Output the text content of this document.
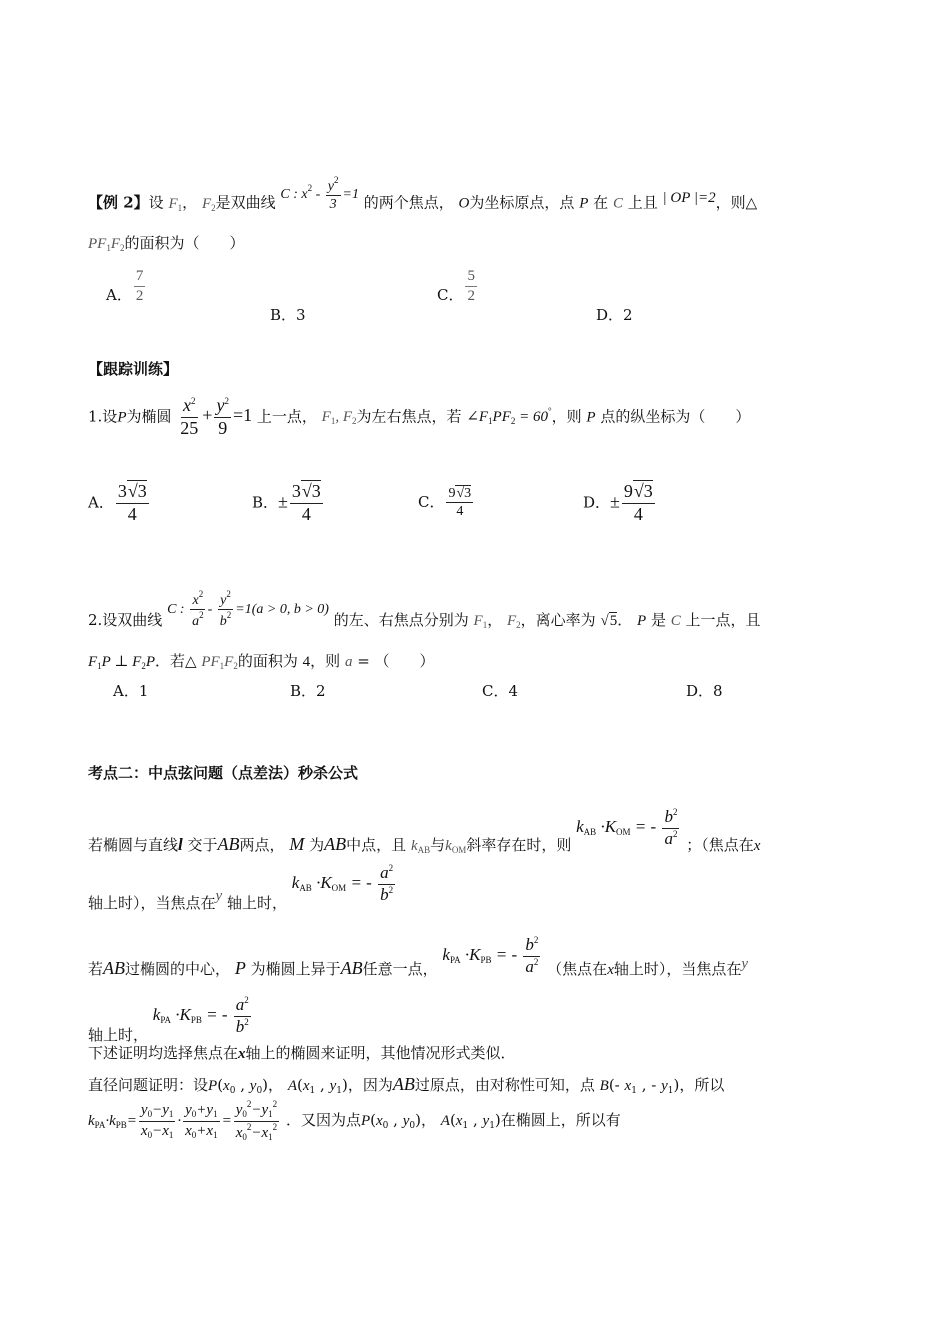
【例 2】设 $F_1$， $F_2$是双曲线 C : $x^2 - \frac{y^2}{3} =1$ 的两个焦点， O为坐标原点，点 P 在 C 上且 | OP |=2，则△
$PF_1F_2$的面积为（　　）
A． $\frac{7}{2}$
B．3
C． $\frac{5}{2}$
D．2
【跟踪训练】
1.设P为椭圆 $\frac{x^2}{25} + \frac{y^2}{9} =1$ 上一点， $F_1$, $F_2$为左右焦点，若 $\angle F_1PF_2 = 60^\circ$，则 P 点的纵坐标为（　　）
A． $\frac{3√3}{4}$	B．± $\frac{3√3}{4}$	C． $\frac{9√3}{4}$	D．± $\frac{9√3}{4}$
2.设双曲线 C : $\frac{x^2}{a^2} - \frac{y^2}{b^2} =1(a > 0$, b > 0) 的左、右焦点分别为 $F_1$， $F_2$，离心率为 √5． P 是 C 上一点，且
$F_1P$ ⊥ $F_2P$．若△ $PF_1F_2$的面积为 4，则 a = （　　）
A．1	B．2	C．4	D．8
考点二：中点弦问题（点差法）秒杀公式
若椭圆与直线l 交于AB两点， M 为AB中点，且 $k_{AB}$与$k_{OM}$斜率存在时，则 $k_{AB} \cdot K_{OM}$ = - $\frac{b^2}{a^2}$ ；（焦点在x
轴上时），当焦点在y 轴上时， $k_{AB} \cdot K_{OM}$ = - $\frac{a^2}{b^2}$
若AB过椭圆的中心， P 为椭圆上异于AB任意一点， $k_{PA} \cdot K_{PB}$ = - $\frac{b^2}{a^2}$ （焦点在x轴上时），当焦点在y
轴上时， $k_{PA} \cdot K_{PB}$ = - $\frac{a^2}{b^2}$
下述证明均选择焦点在x轴上的椭圆来证明，其他情况形式类似．
直径问题证明：设$P(x_0$ , $y_0$)， $A(x_1$ , $y_1$)，因为AB过原点，由对称性可知，点 B(- $x_1$ , - $y_1$)，所以
$k_{PA}\cdot k_{PB}= \frac{y_0-y_1}{x_0-x_1} \cdot \frac{y_0+y_1}{x_0+x_1} = \frac{y_0^2-y_1^2}{x_0^2-x_1^2}$ ．又因为点$P(x_0$ , $y_0$)， $A(x_1$ , $y_1$)在椭圆上，所以有
